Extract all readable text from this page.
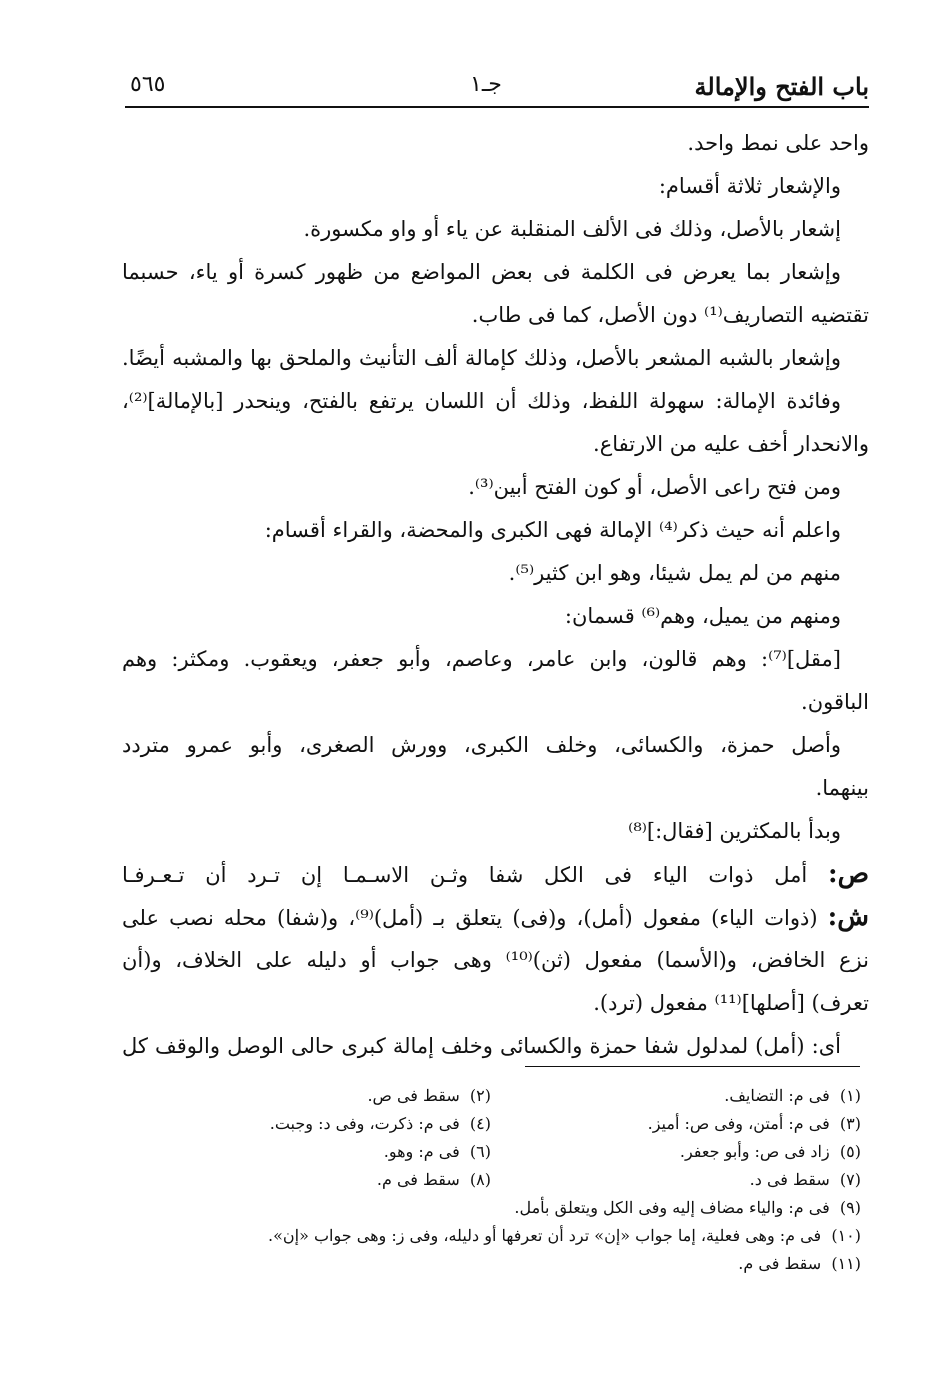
باب الفتح والإمالة
جـ١
٥٦٥
واحد على نمط واحد.
والإشعار ثلاثة أقسام:
إشعار بالأصل، وذلك فى الألف المنقلبة عن ياء أو واو مكسورة.
وإشعار بما يعرض فى الكلمة فى بعض المواضع من ظهور كسرة أو ياء، حسبما
تقتضيه التصاريف⁽¹⁾ دون الأصل، كما فى طاب.
وإشعار بالشبه المشعر بالأصل، وذلك كإمالة ألف التأنيث والملحق بها والمشبه أيضًا.
وفائدة الإمالة: سهولة اللفظ، وذلك أن اللسان يرتفع بالفتح، وينحدر [بالإمالة]⁽²⁾،
والانحدار أخف عليه من الارتفاع.
ومن فتح راعى الأصل، أو كون الفتح أبين⁽³⁾.
واعلم أنه حيث ذكر⁽⁴⁾ الإمالة فهى الكبرى والمحضة، والقراء أقسام:
منهم من لم يمل شيئا، وهو ابن كثير⁽⁵⁾.
ومنهم من يميل، وهم⁽⁶⁾ قسمان:
[مقل]⁽⁷⁾: وهم قالون، وابن عامر، وعاصم، وأبو جعفر، ويعقوب. ومكثر: وهم
الباقون.
وأصل حمزة، والكسائى، وخلف الكبرى، وورش الصغرى، وأبو عمرو متردد
بينهما.
وبدأ بالمكثرين [فقال:]⁽⁸⁾
ص: أمل ذوات الياء فى الكل شفا وثـن الاسـمـا إن تـرد أن تـعـرفـا
ش: (ذوات الياء) مفعول (أمل)، و(فى) يتعلق بـ (أمل)⁽⁹⁾، و(شفا) محله نصب على
نزع الخافض، و(الأسما) مفعول (ثن)⁽¹⁰⁾ وهى جواب أو دليله على الخلاف، و(أن
تعرف) [أصلها]⁽¹¹⁾ مفعول (ترد).
أى: (أمل) لمدلول شفا حمزة والكسائى وخلف إمالة كبرى حالى الوصل والوقف كل
(١)  فى م: التضايف.
(٢)  سقط فى ص.
(٣)  فى م: أمتن، وفى ص: أميز.
(٤)  فى م: ذكرت، وفى د: وجبت.
(٥)  زاد فى ص: وأبو جعفر.
(٦)  فى م: وهو.
(٧)  سقط فى د.
(٨)  سقط فى م.
(٩)  فى م: والياء مضاف إليه وفى الكل ويتعلق بأمل.
(١٠)  فى م: وهى فعلية، إما جواب «إن» ترد أن تعرفها أو دليله، وفى ز: وهى جواب «إن».
(١١)  سقط فى م.
